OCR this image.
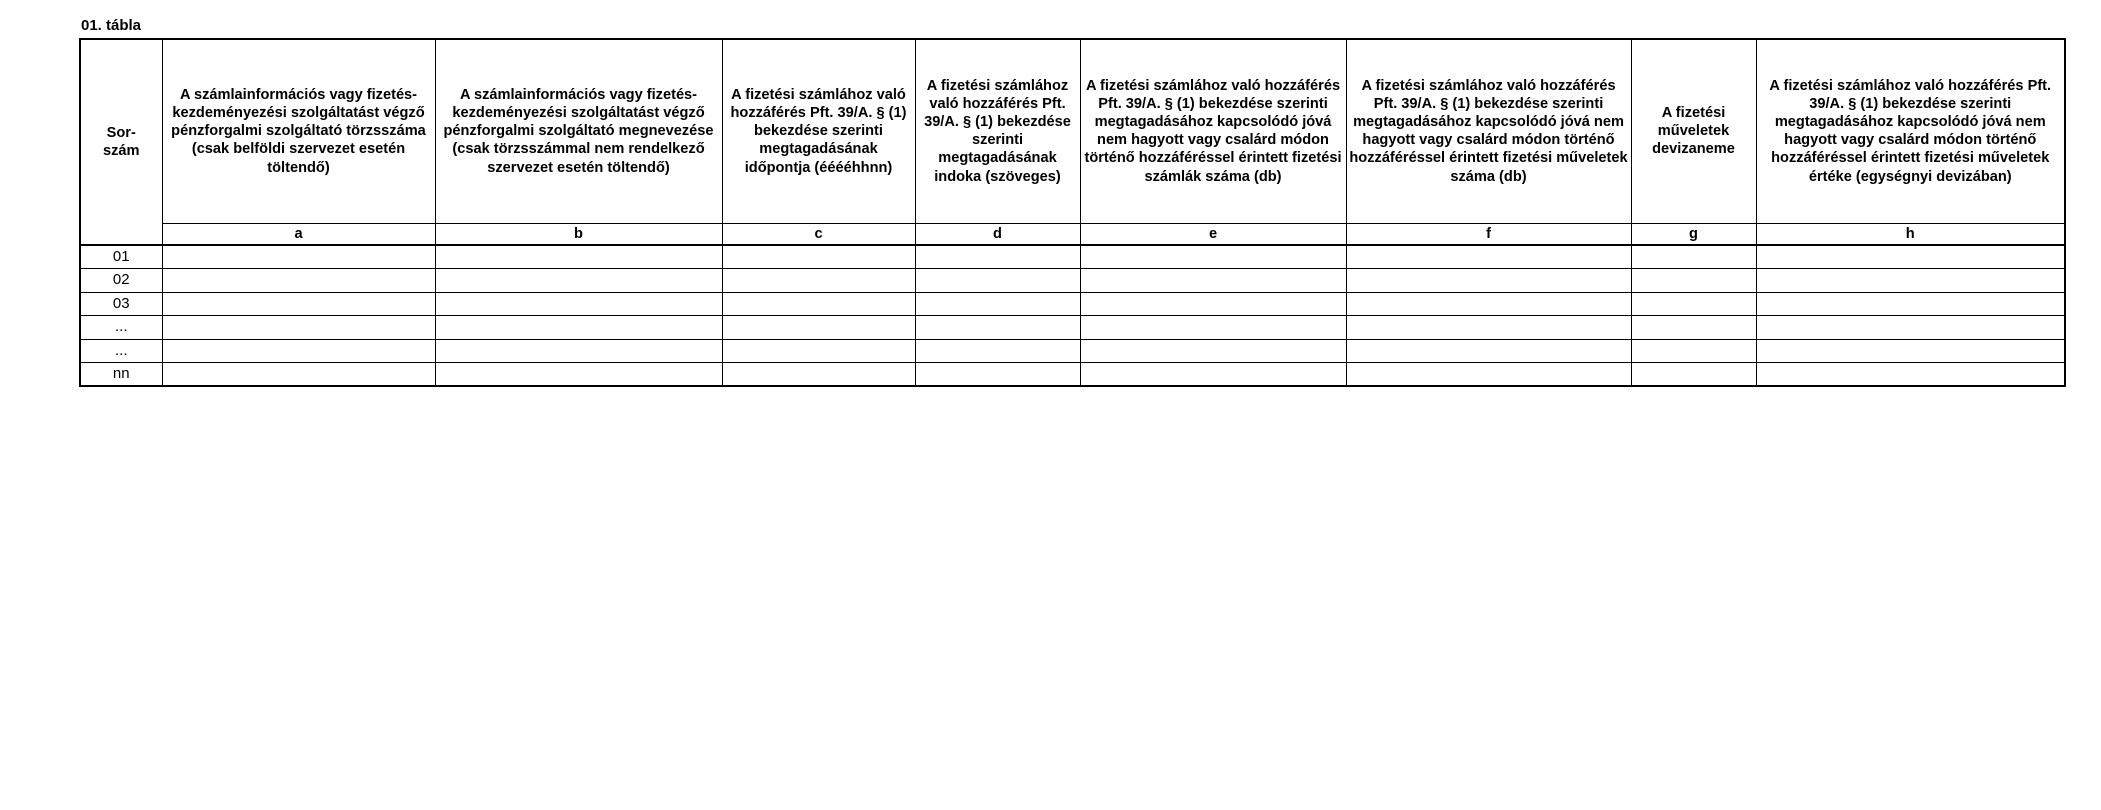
01. tábla
Sor-
szám	A számlainformációs vagy fizetés-kezdeményezési szolgáltatást végző pénzforgalmi szolgáltató törzsszáma (csak belföldi szervezet esetén töltendő)	A számlainformációs vagy fizetés-kezdeményezési szolgáltatást végző pénzforgalmi szolgáltató megnevezése (csak törzsszámmal nem rendelkező szervezet esetén töltendő)	A fizetési számlához való hozzáférés Pft. 39/A. § (1) bekezdése szerinti megtagadásának időpontja (ééééhhnn)	A fizetési számlához való hozzáférés Pft. 39/A. § (1) bekezdése szerinti megtagadásának indoka (szöveges)	A fizetési számlához való hozzáférés Pft. 39/A. § (1) bekezdése szerinti megtagadásához kapcsolódó jóvá nem hagyott vagy csalárd módon történő hozzáféréssel érintett fizetési számlák száma (db)	A fizetési számlához való hozzáférés Pft. 39/A. § (1) bekezdése szerinti megtagadásához kapcsolódó jóvá nem hagyott vagy csalárd módon történő hozzáféréssel érintett fizetési műveletek száma (db)	A fizetési műveletek devizaneme	A fizetési számlához való hozzáférés Pft. 39/A. § (1) bekezdése szerinti megtagadásához kapcsolódó jóvá nem hagyott vagy csalárd módon történő hozzáféréssel érintett fizetési műveletek értéke (egységnyi devizában)
	a	b	c	d	e	f	g	h
01								
02								
03								
...								
...								
nn								
